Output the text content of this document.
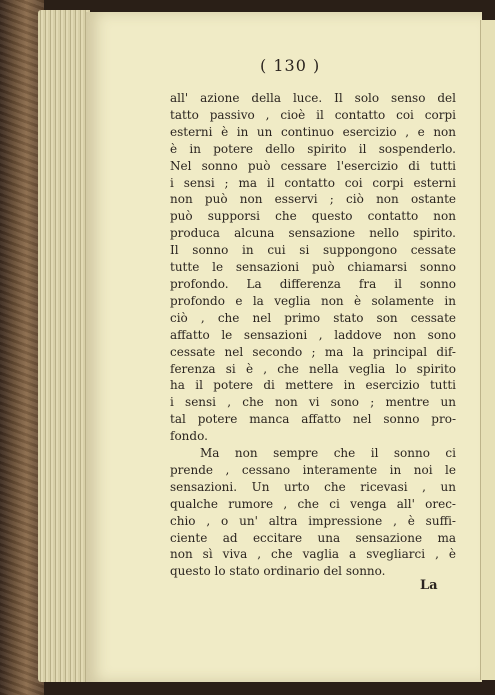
( 130 )
all' azione della luce. Il solo senso del
tatto passivo , cioè il contatto coi corpi
esterni è in un continuo esercizio , e non
è in potere dello spirito il sospenderlo.
Nel sonno può cessare l'esercizio di tutti
i sensi ; ma il contatto coi corpi esterni
non può non esservi ; ciò non ostante
può supporsi che questo contatto non
produca alcuna sensazione nello spirito.
Il sonno in cui si suppongono cessate
tutte le sensazioni può chiamarsi sonno
profondo. La differenza fra il sonno
profondo e la veglia non è solamente in
ciò , che nel primo stato son cessate
affatto le sensazioni , laddove non sono
cessate nel secondo ; ma la principal dif-
ferenza si è , che nella veglia lo spirito
ha il potere di mettere in esercizio tutti
i sensi , che non vi sono ; mentre un
tal potere manca affatto nel sonno pro-
fondo.
Ma non sempre che il sonno ci
prende , cessano interamente in noi le
sensazioni. Un urto che ricevasi , un
qualche rumore , che ci venga all' orec-
chio , o un' altra impressione , è suffi-
ciente ad eccitare una sensazione ma
non sì viva , che vaglia a svegliarci , è
questo lo stato ordinario del sonno.
La
